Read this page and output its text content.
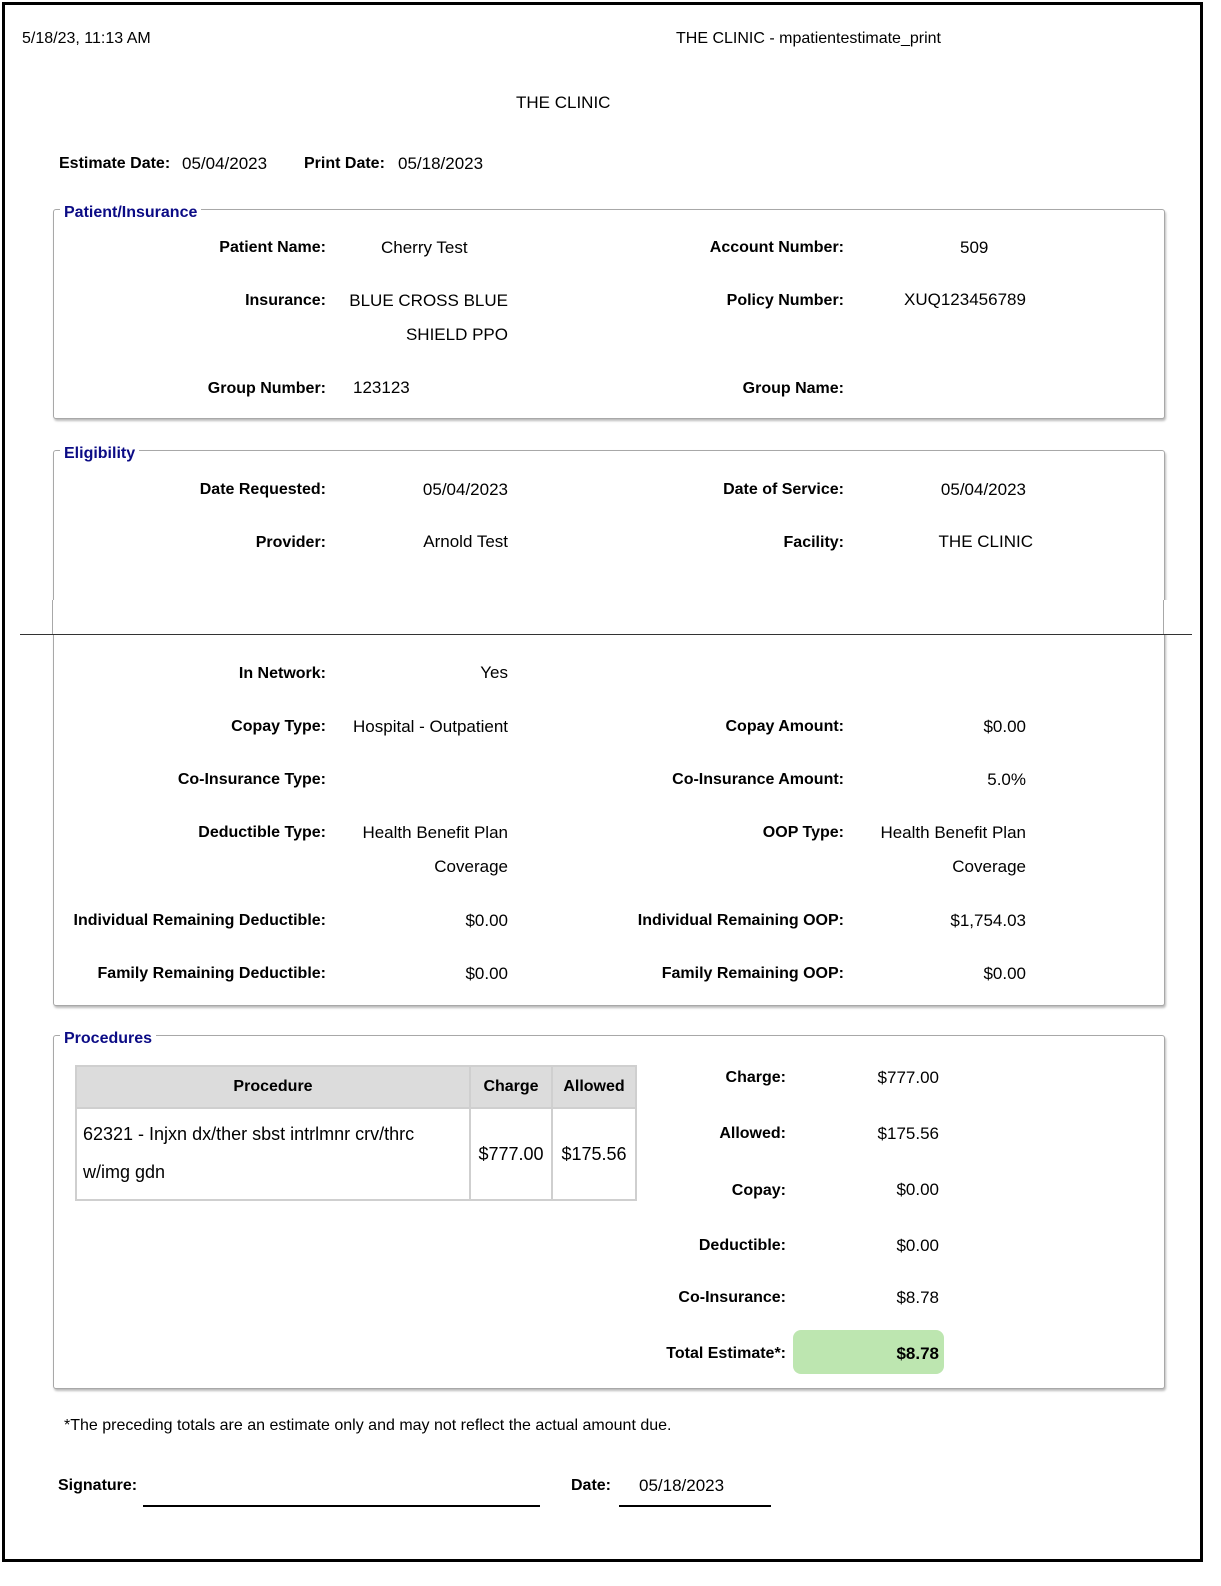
5/18/23, 11:13 AM	THE CLINIC - mpatientestimate_print
THE CLINIC
Estimate Date: 05/04/2023 Print Date: 05/18/2023
Patient/Insurance
Patient Name:	Cherry Test	Account Number:	509
Insurance: BLUE CROSS BLUE
SHIELD PPO
Policy Number:	XUQ123456789
Group Number: 123123	Group Name:
Eligibility
Date Requested:	05/04/2023	Date of Service:	05/04/2023
Provider:	Arnold Test	Facility:	THE CLINIC
In Network:	Yes
Copay Type: Hospital - Outpatient	Copay Amount:	$0.00
Co-Insurance Type:	Co-Insurance Amount:	5.0%
Deductible Type: Health Benefit Plan
Coverage
OOP Type: Health Benefit Plan
Coverage
Individual Remaining Deductible:	$0.00	Individual Remaining OOP:	$1,754.03
Family Remaining Deductible:	$0.00	Family Remaining OOP:	$0.00
Procedures
Procedure	Charge	Allowed
62321 - Injxn dx/ther sbst intrlmnr crv/thrc w/img gdn	$777.00	$175.56
Charge:	$777.00
Allowed:	$175.56
Copay:	$0.00
Deductible:	$0.00
Co-Insurance:	$8.78
Total Estimate*:	$8.78
*The preceding totals are an estimate only and may not reflect the actual amount due.
Signature:	Date: 05/18/2023
